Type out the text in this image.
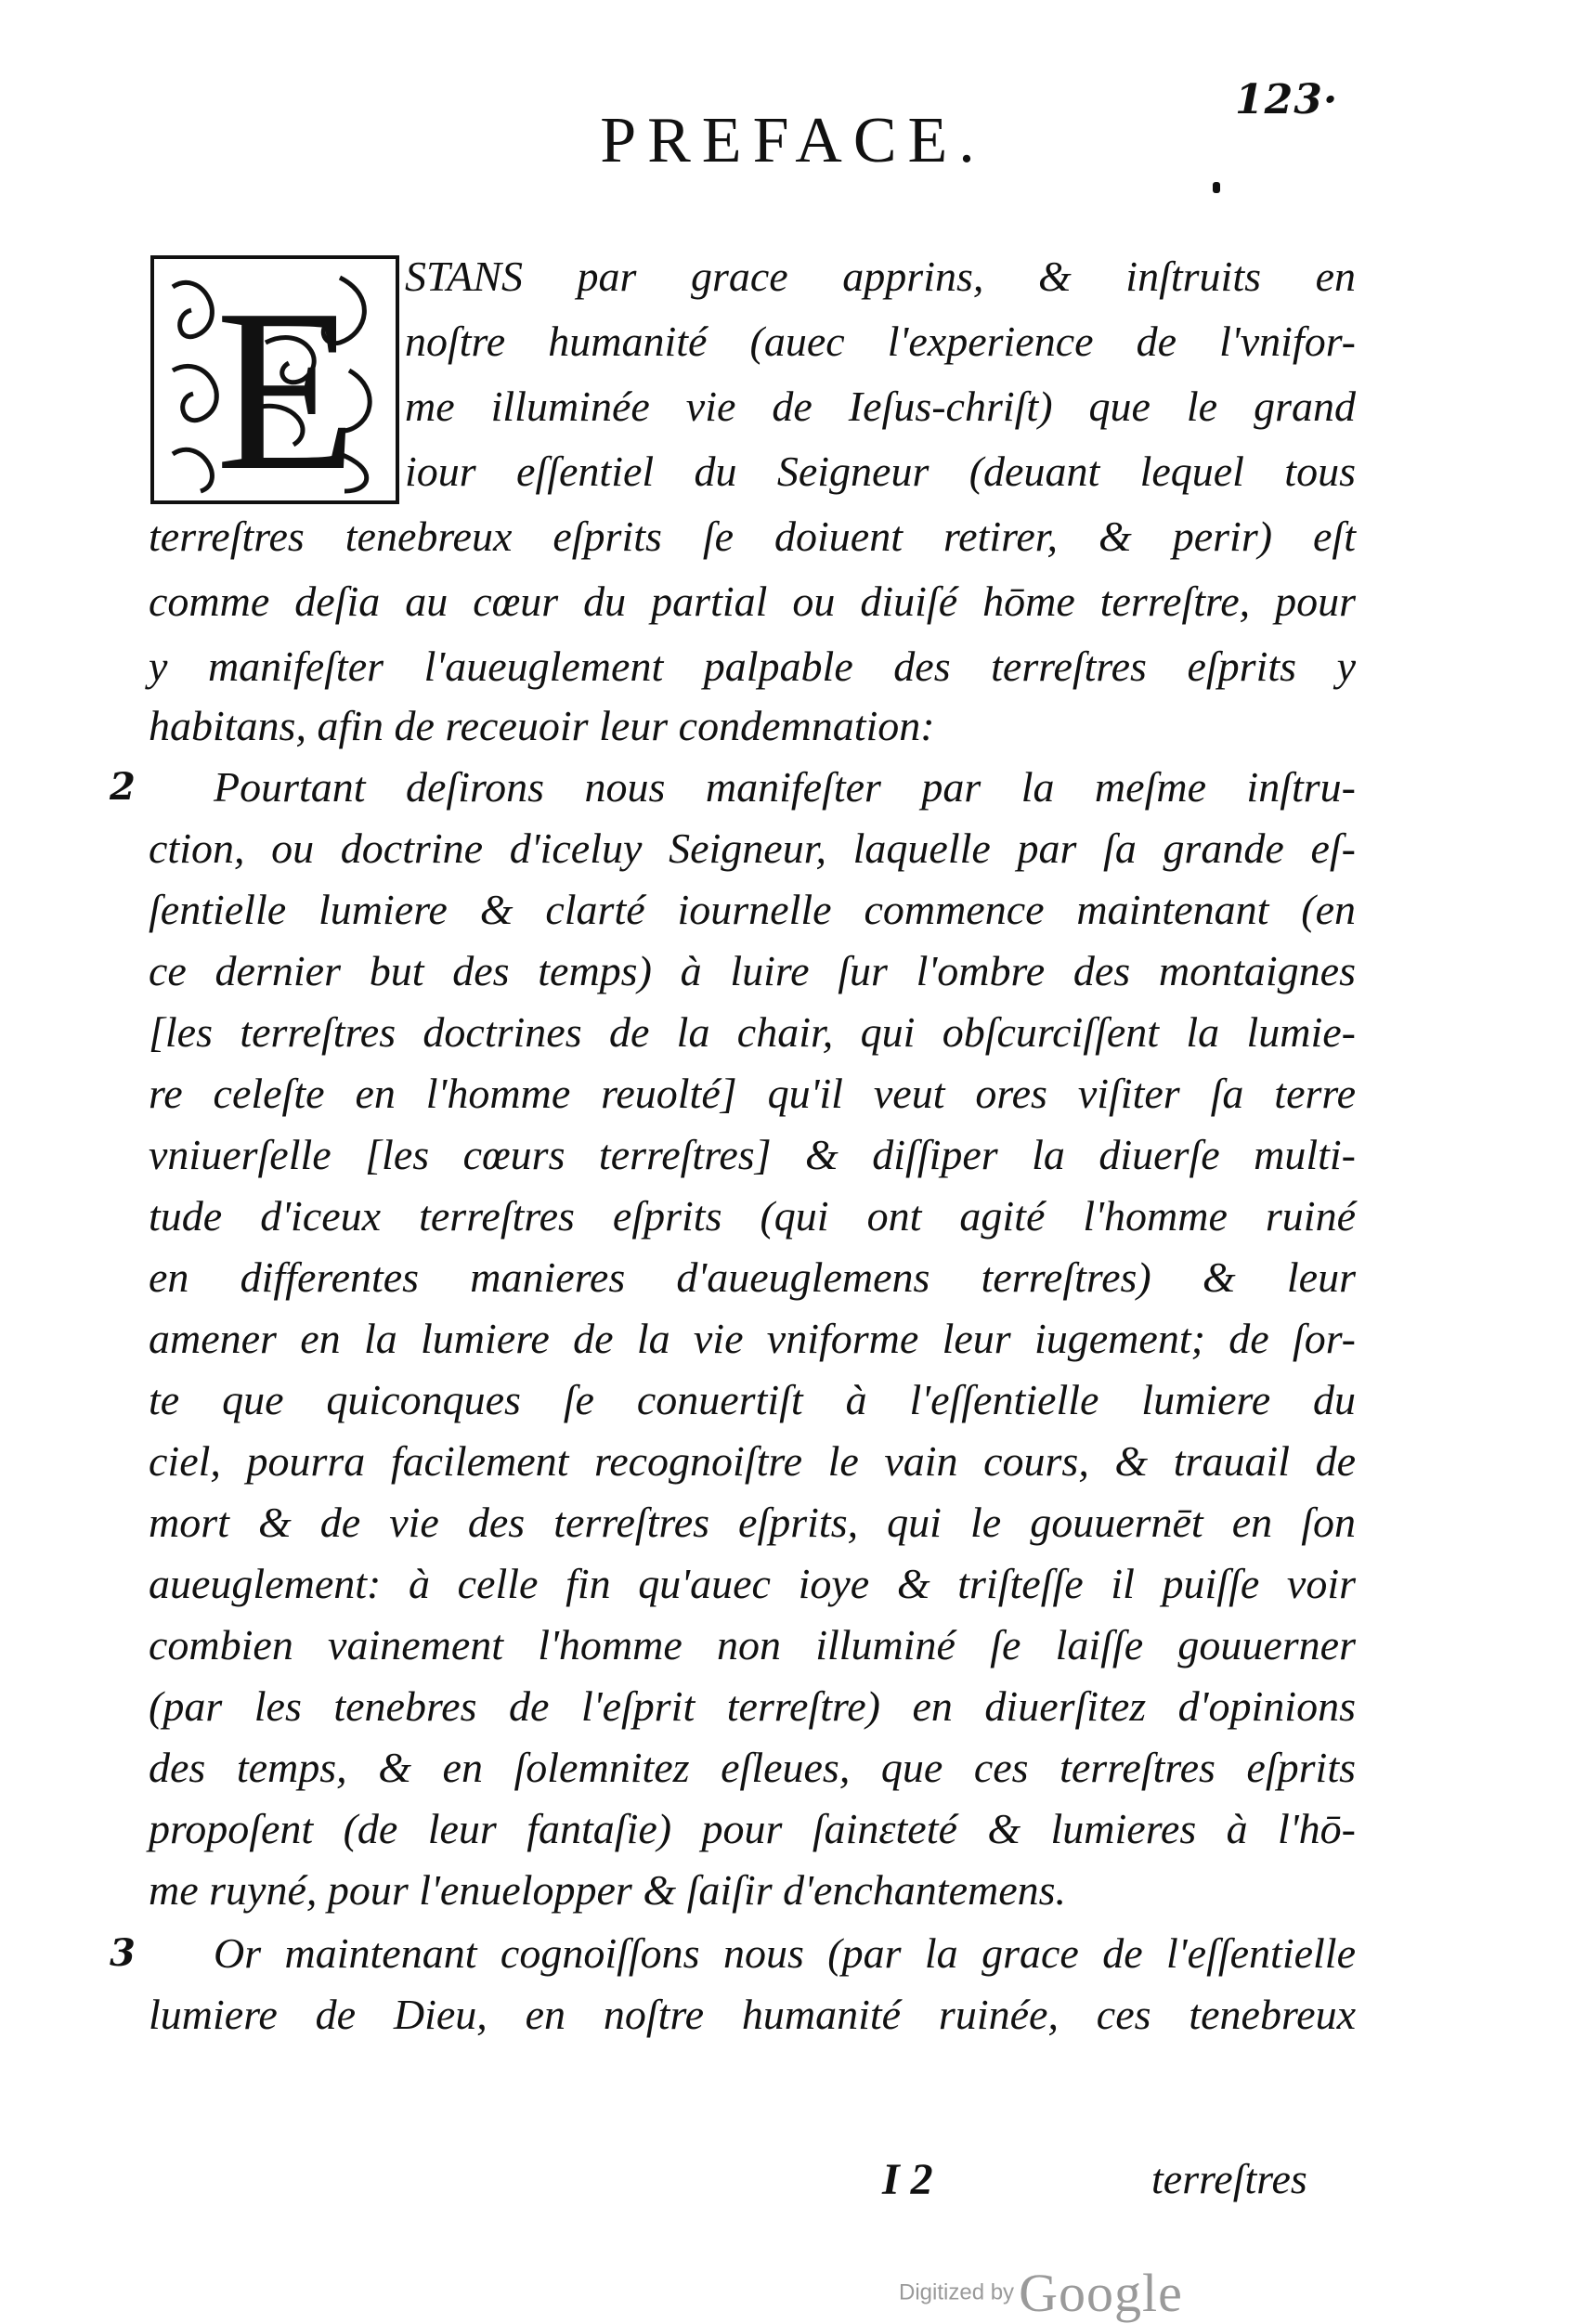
123·
PREFACE.
E STANS par grace apprins, & inſtruits en
noſtre humanité (auec l'experience de l'vnifor-
me illuminée vie de Ieſus-chriſt) que le grand
iour eſſentiel du Seigneur (deuant lequel tous
terreſtres tenebreux eſprits ſe doiuent retirer, & perir) eſt
comme deſia au cœur du partial ou diuiſé hōme terreſtre, pour
y manifeſter l'aueuglement palpable des terreſtres eſprits y
habitans, afin de receuoir leur condemnation:
2	Pourtant deſirons nous manifeſter par la meſme inſtru-
ction, ou doctrine d'iceluy Seigneur, laquelle par ſa grande eſ-
ſentielle lumiere & clarté iournelle commence maintenant (en
ce dernier but des temps) à luire ſur l'ombre des montaignes
[les terreſtres doctrines de la chair, qui obſcurciſſent la lumie-
re celeſte en l'homme reuolté] qu'il veut ores viſiter ſa terre
vniuerſelle [les cœurs terreſtres] & diſſiper la diuerſe multi-
tude d'iceux terreſtres eſprits (qui ont agité l'homme ruiné
en differentes manieres d'aueuglemens terreſtres) & leur
amener en la lumiere de la vie vniforme leur iugement; de ſor-
te que quiconques ſe conuertiſt à l'eſſentielle lumiere du
ciel, pourra facilement recognoiſtre le vain cours, & trauail de
mort & de vie des terreſtres eſprits, qui le gouuernēt en ſon
aueuglement: à celle fin qu'auec ioye & triſteſſe il puiſſe voir
combien vainement l'homme non illuminé ſe laiſſe gouuerner
(par les tenebres de l'eſprit terreſtre) en diuerſitez d'opinions
des temps, & en ſolemnitez eſleues, que ces terreſtres eſprits
propoſent (de leur fantaſie) pour ſainɛteté & lumieres à l'hō-
me ruyné, pour l'enuelopper & ſaiſir d'enchantemens.
3	Or maintenant cognoiſſons nous (par la grace de l'eſſentielle
lumiere de Dieu, en noſtre humanité ruinée, ces tenebreux
I 2	terreſtres
Digitized by Google
